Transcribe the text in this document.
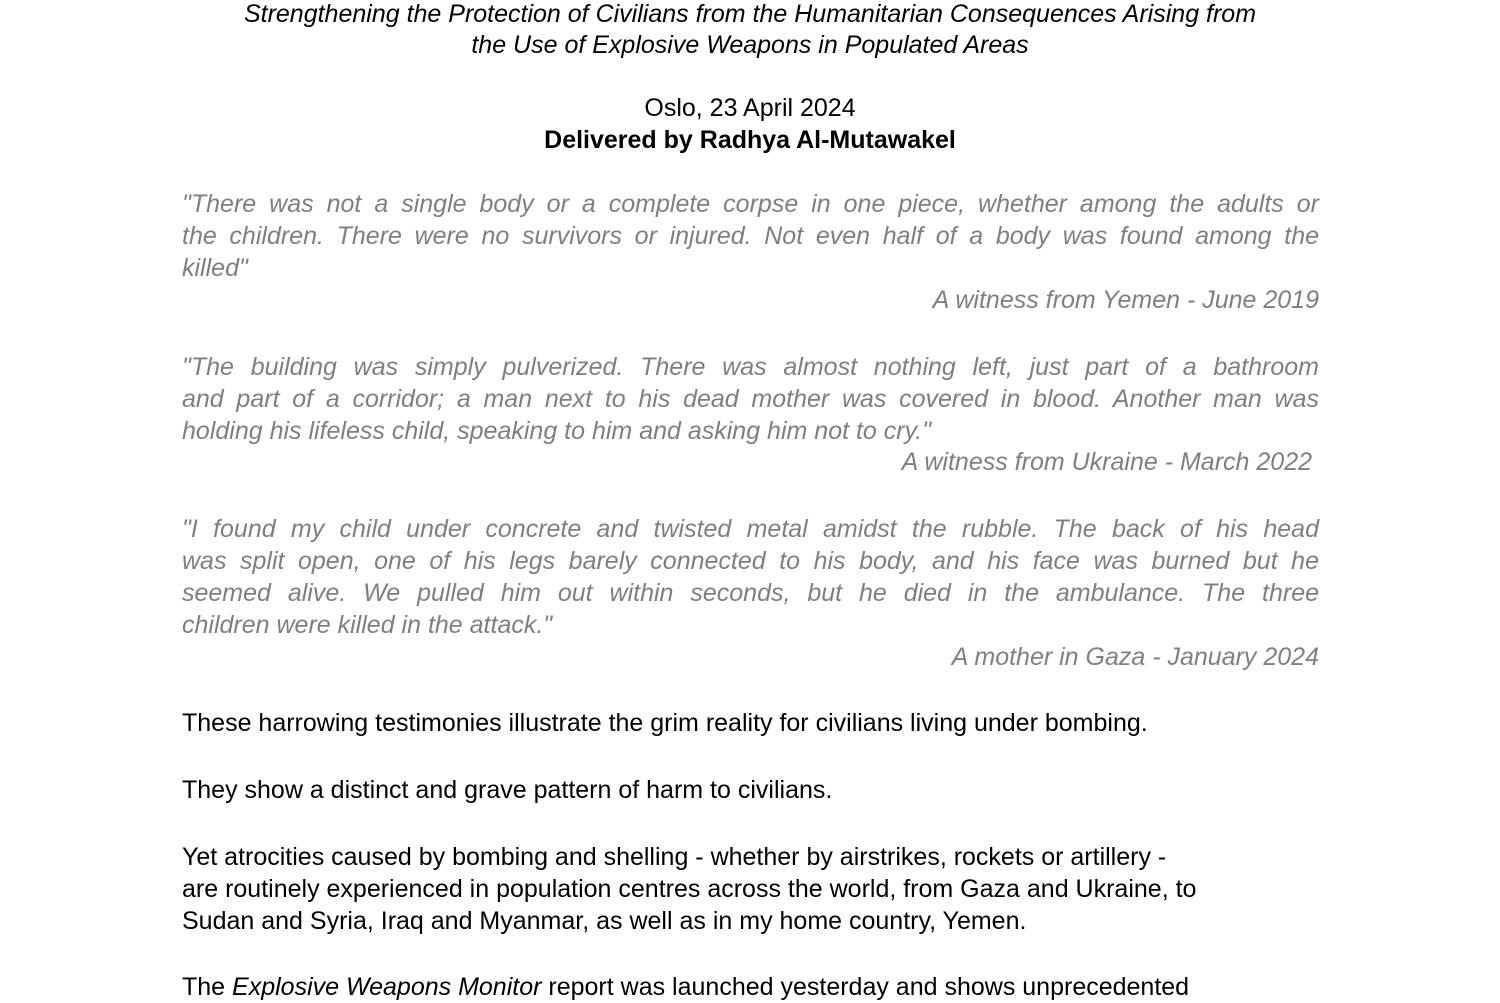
Strengthening the Protection of Civilians from the Humanitarian Consequences Arising from
the Use of Explosive Weapons in Populated Areas
Oslo, 23 April 2024
Delivered by Radhya Al-Mutawakel
"There was not a single body or a complete corpse in one piece, whether among the adults or
the children. There were no survivors or injured. Not even half of a body was found among the
killed"
A witness from Yemen - June 2019
"The building was simply pulverized. There was almost nothing left, just part of a bathroom
and part of a corridor; a man next to his dead mother was covered in blood. Another man was
holding his lifeless child, speaking to him and asking him not to cry."
A witness from Ukraine - March 2022
"I found my child under concrete and twisted metal amidst the rubble. The back of his head
was split open, one of his legs barely connected to his body, and his face was burned but he
seemed alive. We pulled him out within seconds, but he died in the ambulance. The three
children were killed in the attack."
A mother in Gaza - January 2024
These harrowing testimonies illustrate the grim reality for civilians living under bombing.
They show a distinct and grave pattern of harm to civilians.
Yet atrocities caused by bombing and shelling - whether by airstrikes, rockets or artillery -
are routinely experienced in population centres across the world, from Gaza and Ukraine, to
Sudan and Syria, Iraq and Myanmar, as well as in my home country, Yemen.
The Explosive Weapons Monitor report was launched yesterday and shows unprecedented
